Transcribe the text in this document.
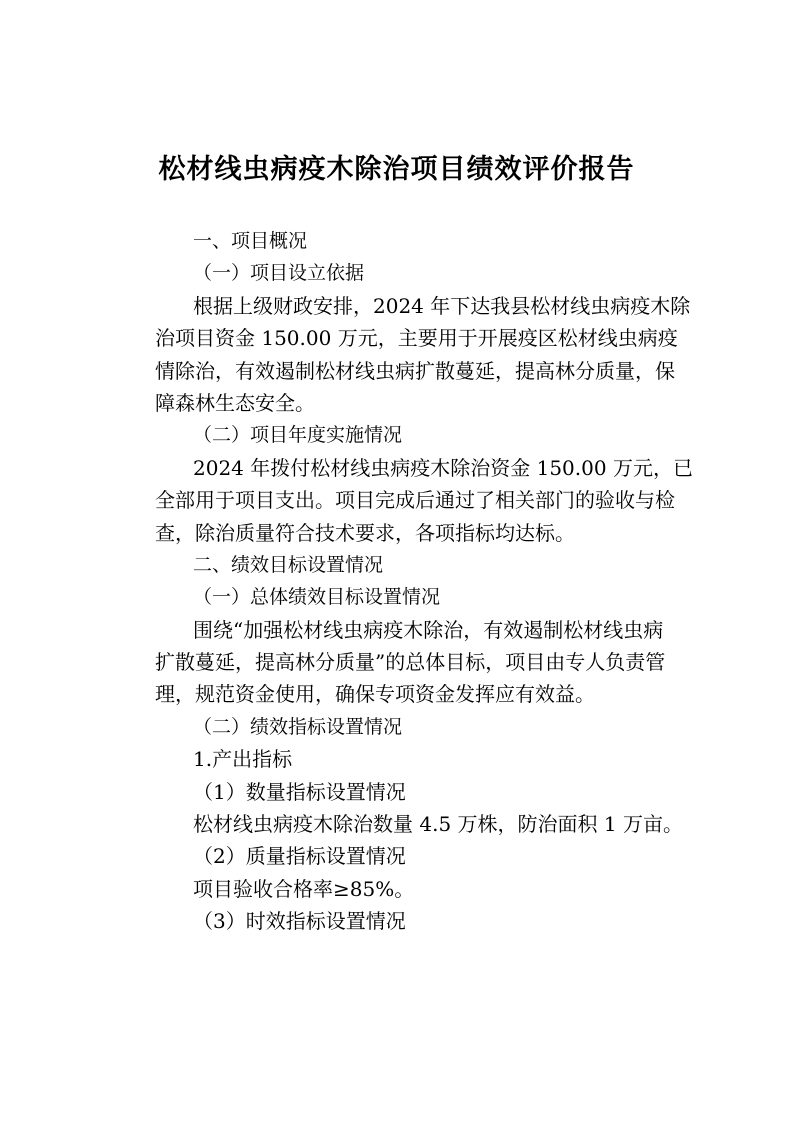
松材线虫病疫木除治项目绩效评价报告
一、项目概况
（一）项目设立依据
根据上级财政安排，2024 年下达我县松材线虫病疫木除
治项目资金 150.00 万元，主要用于开展疫区松材线虫病疫
情除治，有效遏制松材线虫病扩散蔓延，提高林分质量，保
障森林生态安全。
（二）项目年度实施情况
2024 年拨付松材线虫病疫木除治资金 150.00 万元，已
全部用于项目支出。项目完成后通过了相关部门的验收与检
查，除治质量符合技术要求，各项指标均达标。
二、绩效目标设置情况
（一）总体绩效目标设置情况
围绕“加强松材线虫病疫木除治，有效遏制松材线虫病
扩散蔓延，提高林分质量”的总体目标，项目由专人负责管
理，规范资金使用，确保专项资金发挥应有效益。
（二）绩效指标设置情况
1.产出指标
（1）数量指标设置情况
松材线虫病疫木除治数量 4.5 万株，防治面积 1 万亩。
（2）质量指标设置情况
项目验收合格率≥85%。
（3）时效指标设置情况
